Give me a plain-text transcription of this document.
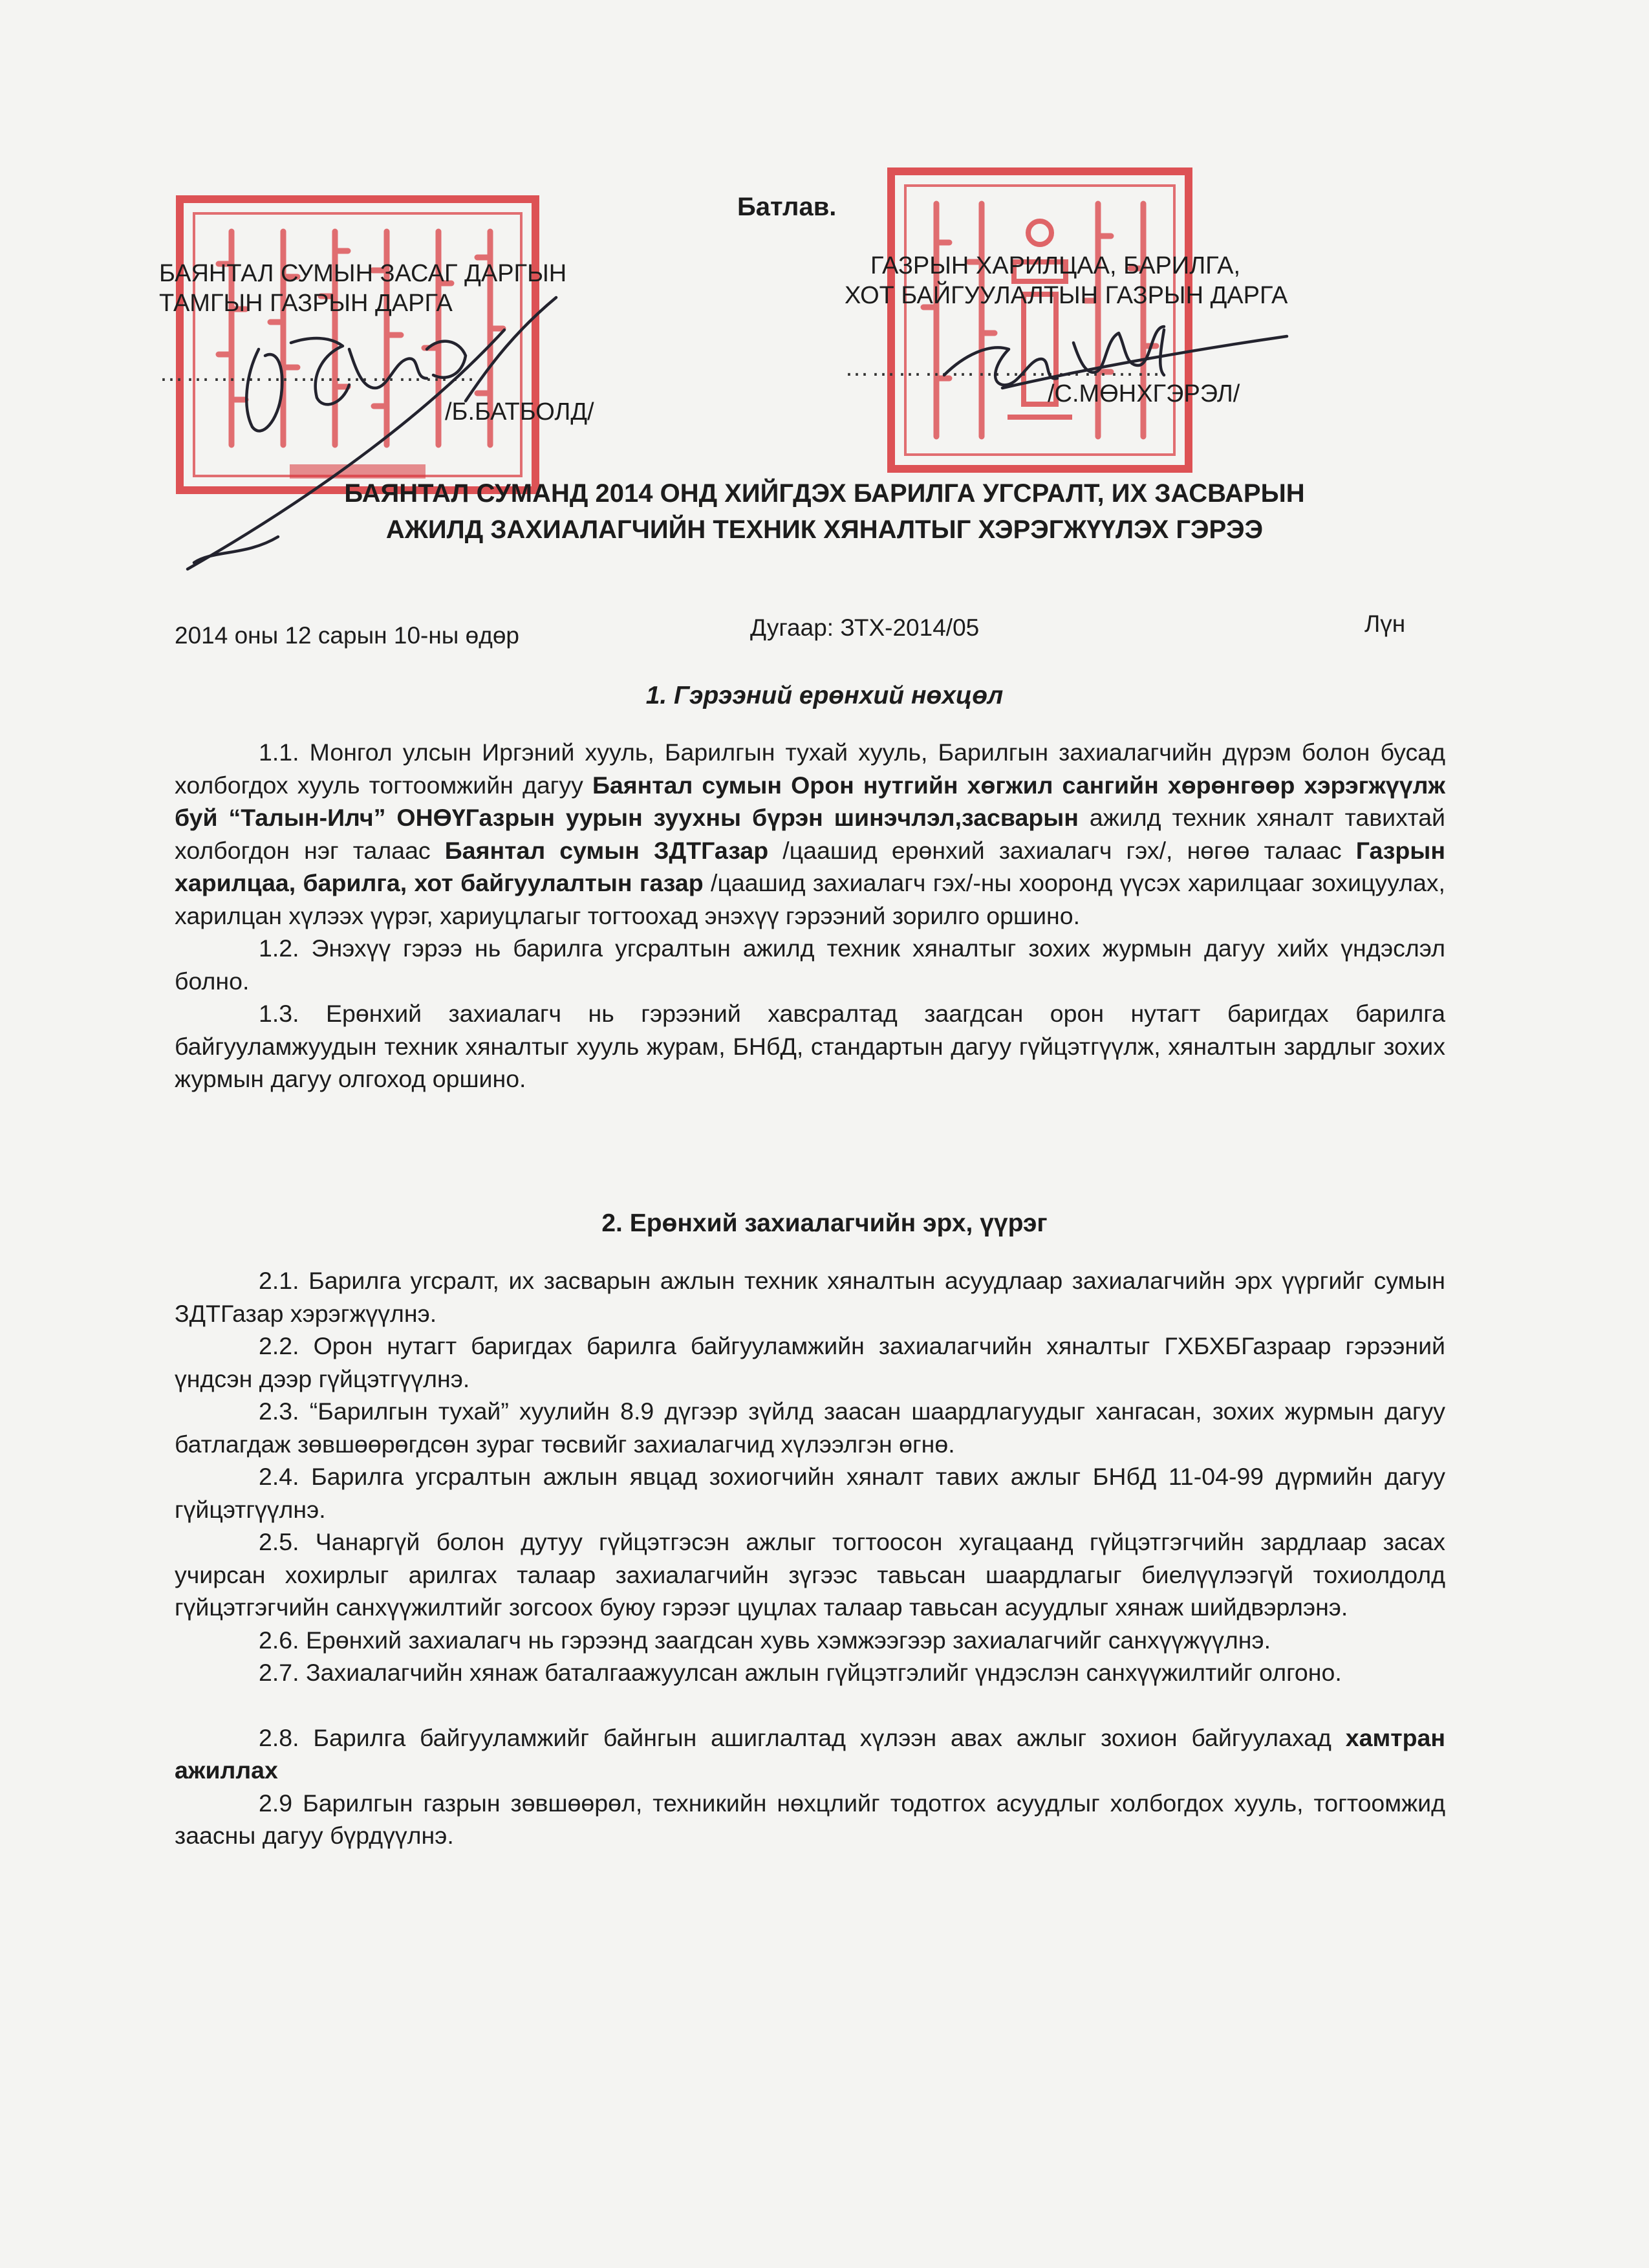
Батлав.
БАЯНТАЛ СУМЫН ЗАСАГ ДАРГЫН
ТАМГЫН ГАЗРЫН ДАРГА
………………………………
/Б.БАТБОЛД/
ГАЗРЫН ХАРИЛЦАА, БАРИЛГА,
ХОТ БАЙГУУЛАЛТЫН ГАЗРЫН ДАРГА
………………………………
/С.МӨНХГЭРЭЛ/
БАЯНТАЛ СУМАНД 2014 ОНД ХИЙГДЭХ БАРИЛГА УГСРАЛТ, ИХ ЗАСВАРЫН
АЖИЛД ЗАХИАЛАГЧИЙН ТЕХНИК ХЯНАЛТЫГ ХЭРЭГЖҮҮЛЭХ ГЭРЭЭ
2014 оны 12 сарын 10-ны өдөр	Дугаар: ЗТХ-2014/05	Лүн
1. Гэрээний ерөнхий нөхцөл

1.1. Монгол улсын Иргэний хууль, Барилгын тухай хууль, Барилгын захиалагчийн дүрэм болон бусад холбогдох хууль тогтоомжийн дагуу Баянтал сумын Орон нутгийн хөгжил сангийн хөрөнгөөр хэрэгжүүлж буй “Талын-Илч” ОНӨҮГазрын уурын зуухны бүрэн шинэчлэл,засварын ажилд техник хяналт тавихтай холбогдон нэг талаас Баянтал сумын ЗДТГазар /цаашид ерөнхий захиалагч гэх/, нөгөө талаас Газрын харилцаа, барилга, хот байгуулалтын газар /цаашид захиалагч гэх/-ны хооронд үүсэх харилцааг зохицуулах, харилцан хүлээх үүрэг, хариуцлагыг тогтоохад энэхүү гэрээний зорилго оршино.

1.2. Энэхүү гэрээ нь барилга угсралтын ажилд техник хяналтыг зохих журмын дагуу хийх үндэслэл болно.

1.3. Ерөнхий захиалагч нь гэрээний хавсралтад заагдсан орон нутагт баригдах барилга байгууламжуудын техник хяналтыг хууль журам, БНбД, стандартын дагуу гүйцэтгүүлж, хяналтын зардлыг зохих журмын дагуу олгоход оршино.

2. Ерөнхий захиалагчийн эрх, үүрэг

2.1. Барилга угсралт, их засварын ажлын техник хяналтын асуудлаар захиалагчийн эрх үүргийг сумын ЗДТГазар хэрэгжүүлнэ.

2.2. Орон нутагт баригдах барилга байгууламжийн захиалагчийн хяналтыг ГХБХБГазраар гэрээний үндсэн дээр гүйцэтгүүлнэ.

2.3. “Барилгын тухай” хуулийн 8.9 дүгээр зүйлд заасан шаардлагуудыг хангасан, зохих журмын дагуу батлагдаж зөвшөөрөгдсөн зураг төсвийг захиалагчид хүлээлгэн өгнө.

2.4. Барилга угсралтын ажлын явцад зохиогчийн хяналт тавих ажлыг БНбД 11-04-99 дүрмийн дагуу гүйцэтгүүлнэ.

2.5. Чанаргүй болон дутуу гүйцэтгэсэн ажлыг тогтоосон хугацаанд гүйцэтгэгчийн зардлаар засах учирсан хохирлыг арилгах талаар захиалагчийн зүгээс тавьсан шаардлагыг биелүүлээгүй тохиолдолд гүйцэтгэгчийн санхүүжилтийг зогсоох буюу гэрээг цуцлах талаар тавьсан асуудлыг хянаж шийдвэрлэнэ.

2.6. Ерөнхий захиалагч нь гэрээнд заагдсан хувь хэмжээгээр захиалагчийг санхүүжүүлнэ.

2.7. Захиалагчийн хянаж баталгаажуулсан ажлын гүйцэтгэлийг үндэслэн санхүүжилтийг олгоно.

2.8. Барилга байгууламжийг байнгын ашиглалтад хүлээн авах ажлыг зохион байгуулахад хамтран ажиллах

2.9 Барилгын газрын зөвшөөрөл, техникийн нөхцлийг тодотгох асуудлыг холбогдох хууль, тогтоомжид заасны дагуу бүрдүүлнэ.
